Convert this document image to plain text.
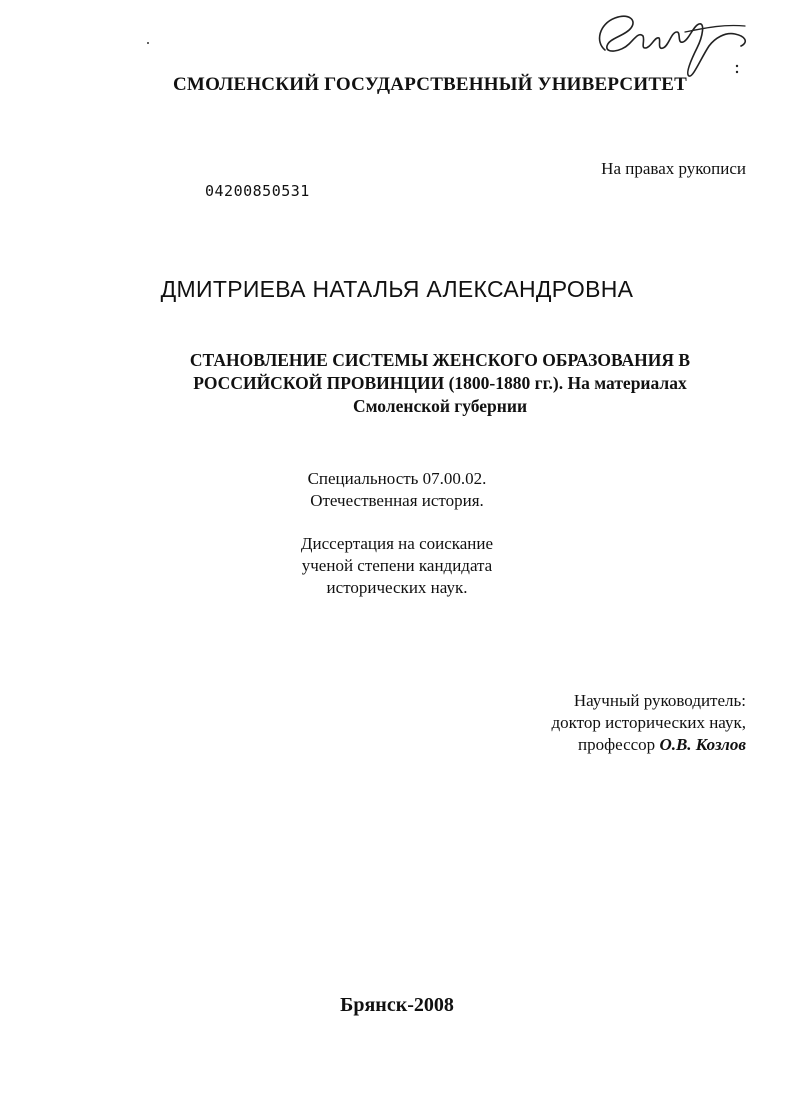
СМОЛЕНСКИЙ ГОСУДАРСТВЕННЫЙ УНИВЕРСИТЕТ
На правах рукописи
04200850531
ДМИТРИЕВА НАТАЛЬЯ АЛЕКСАНДРОВНА
СТАНОВЛЕНИЕ СИСТЕМЫ ЖЕНСКОГО ОБРАЗОВАНИЯ В
РОССИЙСКОЙ ПРОВИНЦИИ (1800-1880 гг.). На материалах
Смоленской губернии
Специальность 07.00.02.
Отечественная история.
Диссертация на соискание
ученой степени кандидата
исторических наук.
Научный руководитель:
доктор исторических наук,
профессор О.В. Козлов
Брянск-2008
